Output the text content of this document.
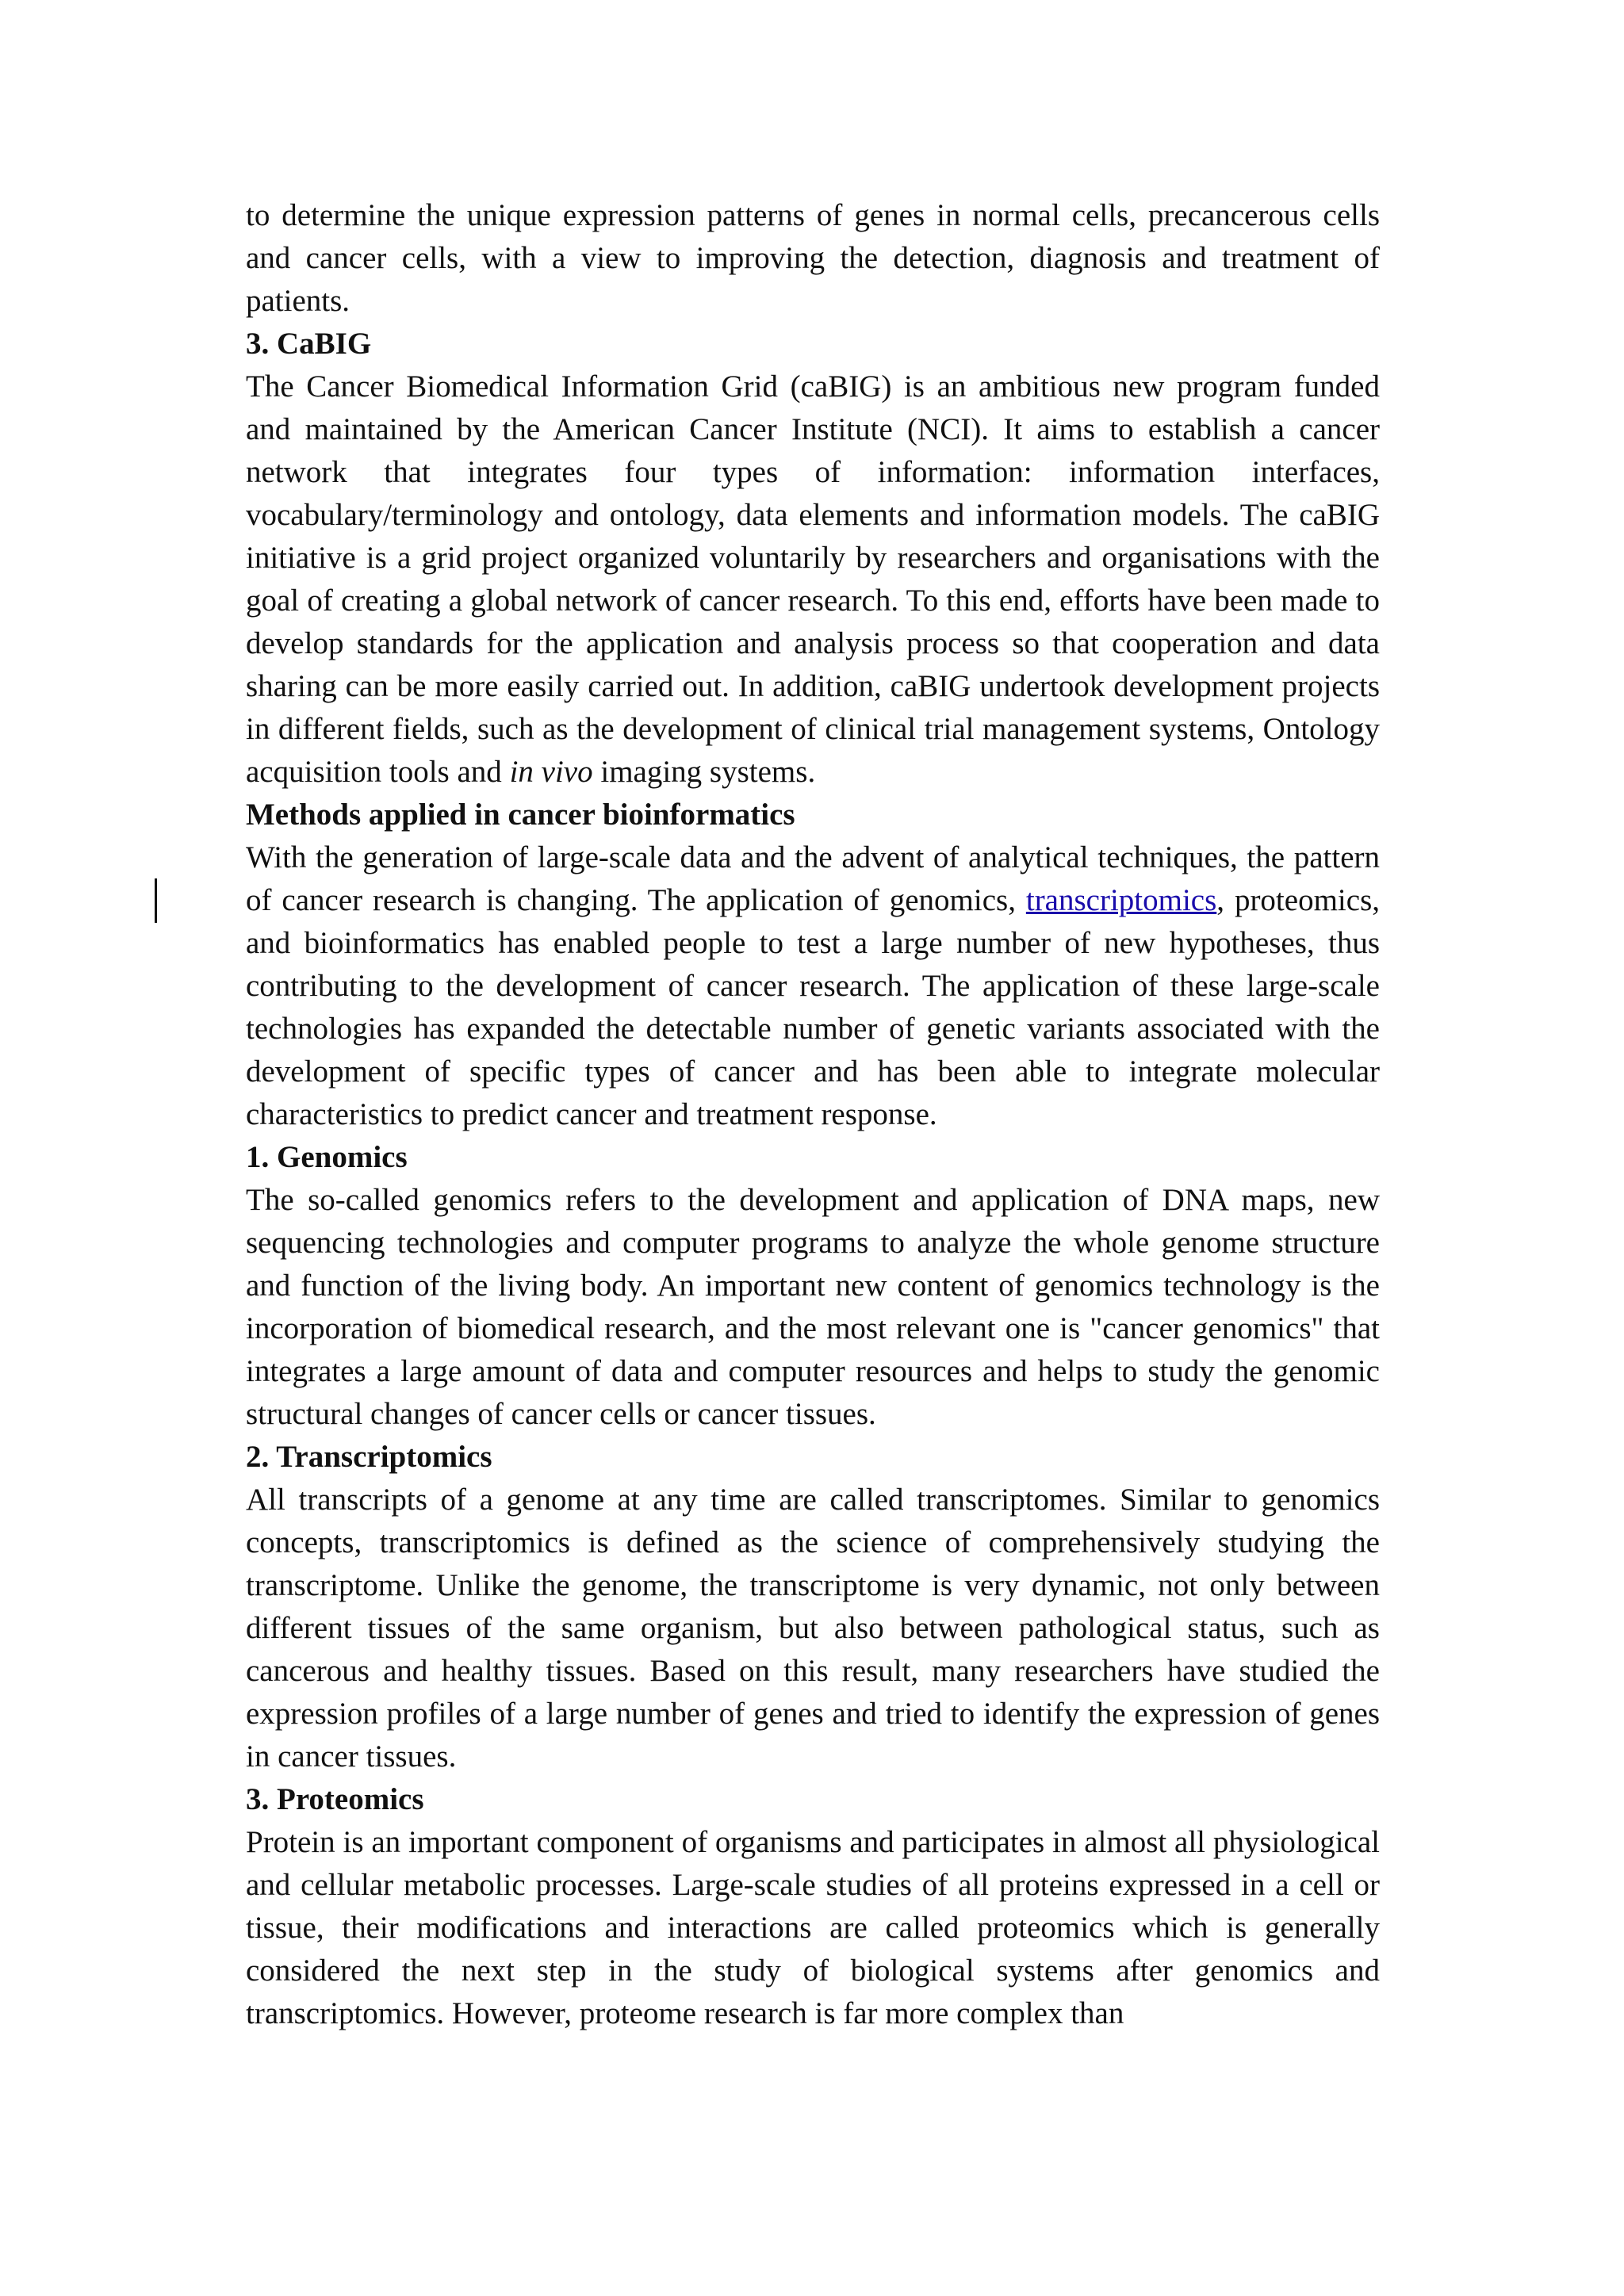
to determine the unique expression patterns of genes in normal cells, precancerous cells and cancer cells, with a view to improving the detection, diagnosis and treatment of patients.

3. CaBIG

The Cancer Biomedical Information Grid (caBIG) is an ambitious new program funded and maintained by the American Cancer Institute (NCI). It aims to establish a cancer network that integrates four types of information: information interfaces, vocabulary/terminology and ontology, data elements and information models. The caBIG initiative is a grid project organized voluntarily by researchers and organisations with the goal of creating a global network of cancer research. To this end, efforts have been made to develop standards for the application and analysis process so that cooperation and data sharing can be more easily carried out. In addition, caBIG undertook development projects in different fields, such as the development of clinical trial management systems, Ontology acquisition tools and in vivo imaging systems.

Methods applied in cancer bioinformatics

With the generation of large-scale data and the advent of analytical techniques, the pattern of cancer research is changing. The application of genomics, transcriptomics, proteomics, and bioinformatics has enabled people to test a large number of new hypotheses, thus contributing to the development of cancer research. The application of these large-scale technologies has expanded the detectable number of genetic variants associated with the development of specific types of cancer and has been able to integrate molecular characteristics to predict cancer and treatment response.

1. Genomics

The so-called genomics refers to the development and application of DNA maps, new sequencing technologies and computer programs to analyze the whole genome structure and function of the living body. An important new content of genomics technology is the incorporation of biomedical research, and the most relevant one is "cancer genomics" that integrates a large amount of data and computer resources and helps to study the genomic structural changes of cancer cells or cancer tissues.

2. Transcriptomics

All transcripts of a genome at any time are called transcriptomes. Similar to genomics concepts, transcriptomics is defined as the science of comprehensively studying the transcriptome. Unlike the genome, the transcriptome is very dynamic, not only between different tissues of the same organism, but also between pathological status, such as cancerous and healthy tissues. Based on this result, many researchers have studied the expression profiles of a large number of genes and tried to identify the expression of genes in cancer tissues.

3. Proteomics

Protein is an important component of organisms and participates in almost all physiological and cellular metabolic processes. Large-scale studies of all proteins expressed in a cell or tissue, their modifications and interactions are called proteomics which is generally considered the next step in the study of biological systems after genomics and transcriptomics. However, proteome research is far more complex than
